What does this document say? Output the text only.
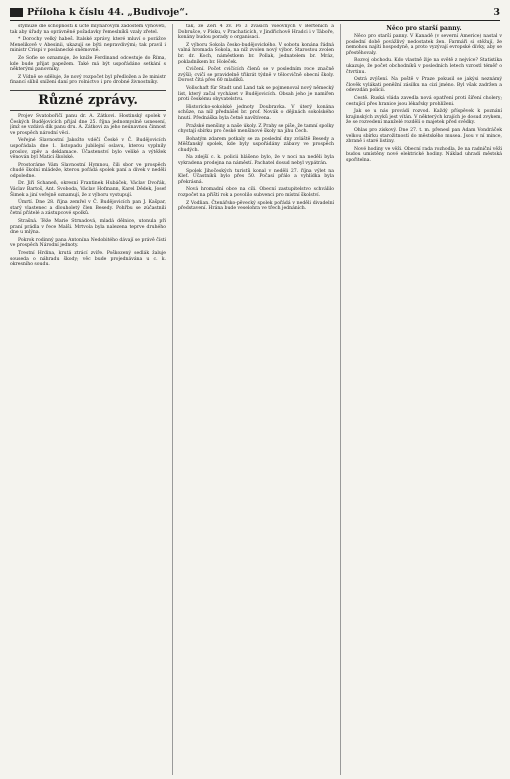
Příloha k číslu 44. „Budivoje“.	3

stymůže dle schopnosti k úctě mlynářovým žádostem vyhověti, tak aby úřady na oprávněné požadavky řemeslníků vzaly zřetel.

* Dorochy velký habeš. Italské zprávy, které mluví o porážce Menelikově v Abesinii, ukazují se býti nepravdivými; tak pravil i ministr Crispi v poslanecké sněmovně.

Ze Sofie se oznamuje, že kníže Ferdinand odcestuje do Říma, kde bude přijat papežem. Také má být uspořádáno setkání s některými panovníky.

Z Vídně se sděluje, že nový rozpočet byl předložen a že ministr financí slíbil snížení daní pro rolnictvo i pro drobné živnostníky.

Různé zprávy.

Projev Svatobořičí panu dr. A. Zátkovi. Hostinský spolek v Českých Budějovicích přijal dne 25. října jednomyslně usnesení, jímž se vzdává dík panu dru. A. Zátkovi za jeho neúnavnou činnost ve prospěch národní věci.

Veřejné Slavnostní Jakožto vdéčí České v Č. Budějovicích uspořádala dne 1. listopadu jubilejní oslavu, kterou vyplnily proslov, zpěv a deklamace. Účastenství bylo veliké a výtěžek věnován byl Matici školské.

Prostoráme Vám Slavnostní Hymnou, čili sbor ve prospěch chudé školní mládeže, kterou pořádá spolek paní a dívek v neděli odpoledne.

Dr. Jiří Schaneň, okresní Frantinek Hubáček, Václav Dvořák, Václav Bartoš, Ant. Svoboda, Václav Hofmann, Karel Dědek, Josef Šimek a jiní veřejně oznamují, že z výboru vystupují.

Úmrtí. Dne 28. října zemřel v Č. Budějovicích pan J. Kašpar, starý vlastenec a dlouholetý člen Besedy. Pohřbu se zúčastnili četní přátelé a zástupcové spolků.

Strašná. Téže Marie Strnadová, mladá dělnice, utonula při praní prádla v řece Malši. Mrtvola byla nalezena teprve druhého dne u mlýna.

Pokrok rodinný pana Antonína Nedobitého dávají se právě čísti ve prospěch Národní jednoty.

Trestní Hrdina, krutá ztrácí zvíře. Poškozený sedlák žaluje souseda o náhradu škody; věc bude projednávána u c. k. okresního soudu.

tak, že Zeri 4 zv. Po 3 zvasích všeovných v Bertenich a Dobrušce, v Písku, v Prachaticích, v Jindřichově Hradci i v Táboře, konány budou porady o organisaci.

Z výboru Sokola česko-budějovického. V sobotu konána řádná valná hromada Sokola, na níž zvolen nový výbor. Starostou zvolen br. dr. Koch, náměstkem br. Pollak, jednatelem br. Mráz, pokladníkem br. Holeček.

Cvičení. Počet cvičících členů se v posledním roce značně zvýšil; cvičí se pravidelně třikrát týdně v tělocvičně obecní školy. Dorost čítá přes 60 mladíků.

Vollschaft für Stadt und Land tak se pojmenoval nový německý list, který začal vycházet v Budějovicích. Obsah jeho je namířen proti českému obyvatelstvu.

Historicko-sokolské jednoty Doubravka. V úterý konána schůze, na níž přednášel br. prof. Novák o dějinách sokolského hnutí. Přednáška byla četně navštívena.

Pražské menšiny a naše úkoly. Z Prahy se píše, že tamní spolky chystají sbírku pro české menšinové školy na jihu Čech.

Bohatým zdarem potkaly se za poslední dny zvláště Besedy a Měšťanský spolek, kde byly uspořádány zábavy ve prospěch chudých.

Na zdejší c. k. policii hlášeno bylo, že v noci na neděli byla vykradena prodejna na náměstí. Pachatel dosud nebyl vypátrán.

Spolek Jihočeských turistů konal v neděli 27. října výlet na Kleť. Účastníků bylo přes 50. Počasí přálo a vyhlídka byla překrásná.

Nová hromadní obce na cíli. Obecní zastupitelstvo schválilo rozpočet na příští rok a povolilo subvenci pro místní školství.

Z Vodňan. Čtenářsko-pěvecký spolek pořádá v neděli divadelní představení. Hrána bude veselohra ve třech jednáních.

Něco pro starší panny.

Něco pro starší panny. V Kanadě (v severní Americe) nastal v poslední době povážlivý nedostatek žen. Farmáři si stěžují, že nemohou najíti hospodyně, a proto vyzývají evropské dívky, aby se přestěhovaly.

Rozvoj obchodu. Kdo vlastně žije na světě z nejvíce? Statistika ukazuje, že počet obchodníků v posledních letech vzrostl téměř o čtvrtinu.

Ostrá zvýšení. Na poště v Praze pokusil se jakýsi neznámý člověk vylákati peněžní zásilku na cizí jméno. Byl však zadržen a odevzdán policii.

Cestě. Ruská vláda zavedla nová opatření proti šíření cholery; cestující přes hranice jsou lékařsky prohlíženi.

Jak se u nás provádí rozvod. Každý příspěvek k poznání krajinských zvyků jest vítán. V některých krajích je dosud zvykem, že se rozvedení manželé rozdělí o majetek před svědky.

Ohlas pro ziskový. Dne 27. t. m. přenesl pan Adam Vondráček velkou sbírku starožitností do městského musea. Jsou v ní mince, zbraně i staré listiny.

Nové hodiny ve věži. Obecní rada rozhodla, že na radniční věži budou umístěny nové elektrické hodiny. Náklad uhradí městská spořitelna.
